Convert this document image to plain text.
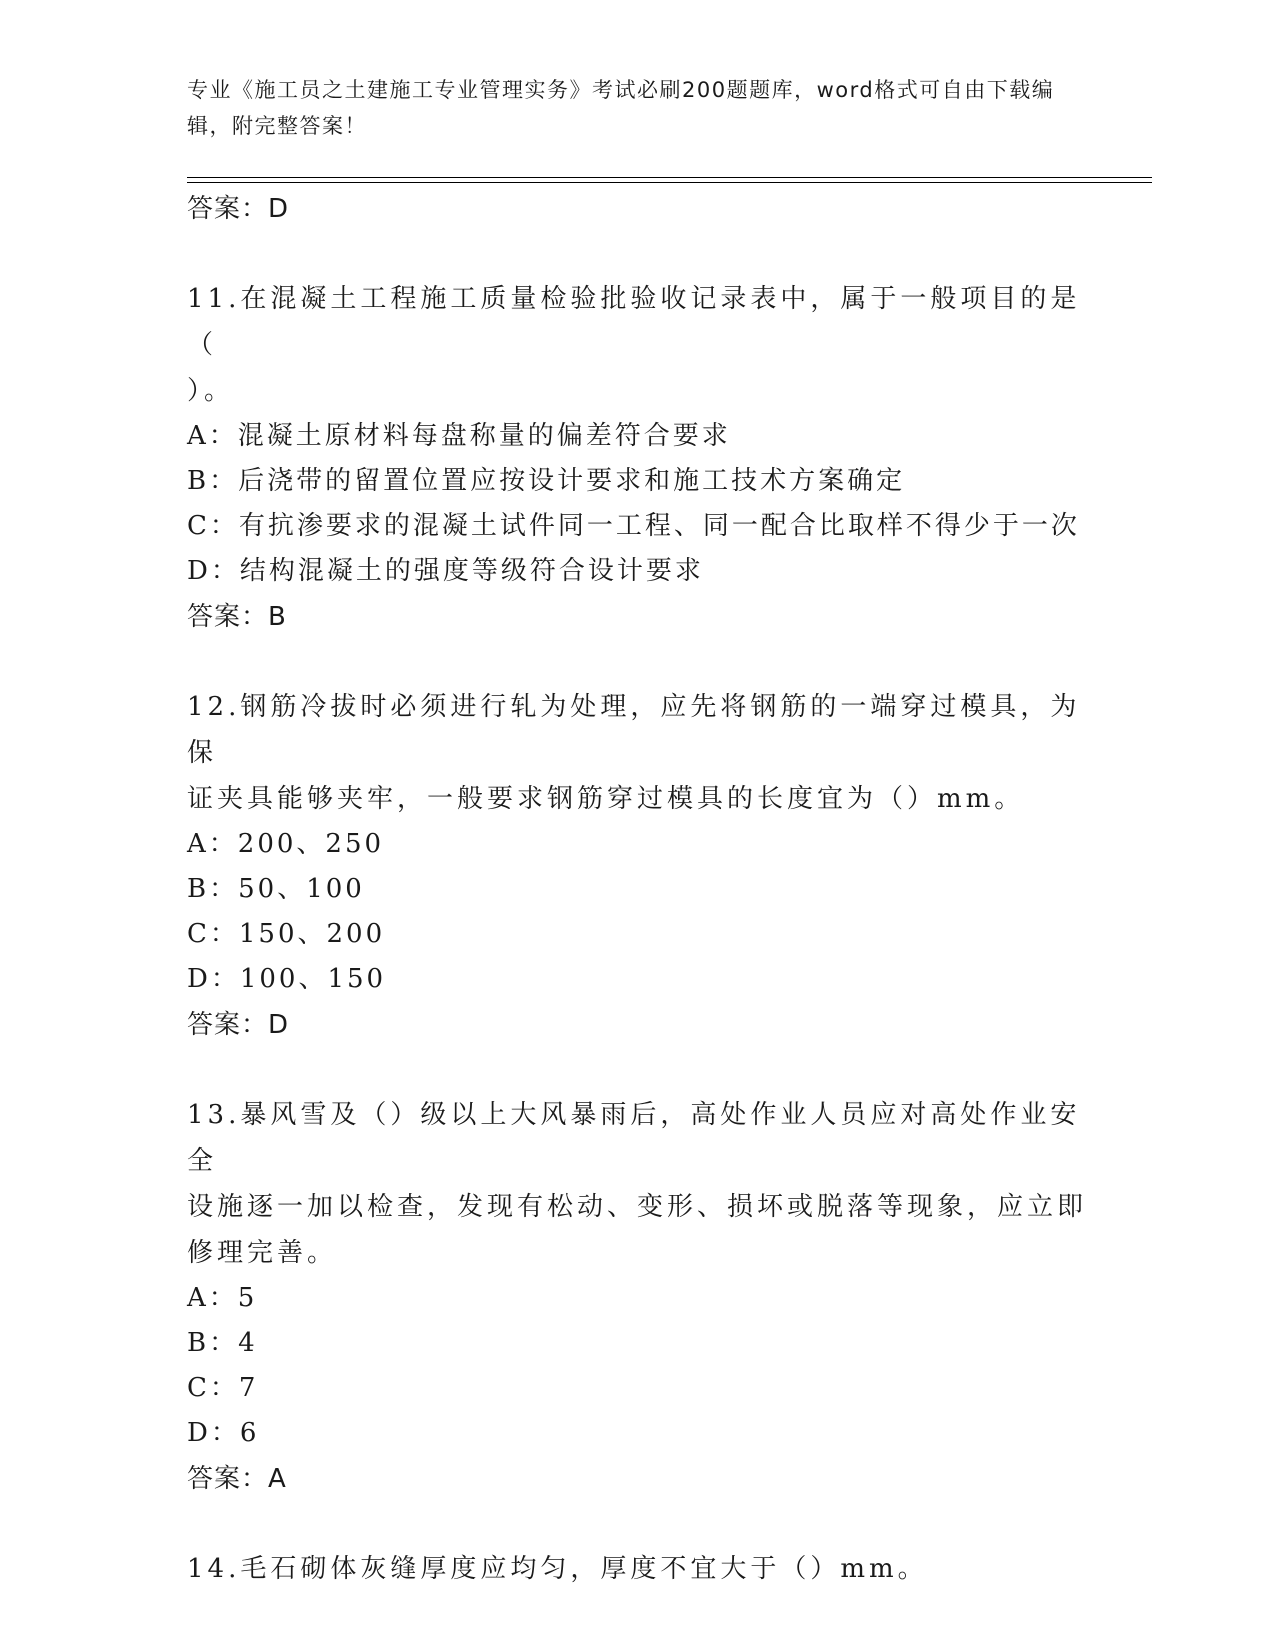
专业《施工员之土建施工专业管理实务》考试必刷200题题库，word格式可自由下载编辑，附完整答案！

答案：D

11.在混凝土工程施工质量检验批验收记录表中，属于一般项目的是（

）。

A：混凝土原材料每盘称量的偏差符合要求

B：后浇带的留置位置应按设计要求和施工技术方案确定

C：有抗渗要求的混凝土试件同一工程、同一配合比取样不得少于一次

D：结构混凝土的强度等级符合设计要求

答案：B

12.钢筋冷拔时必须进行轧为处理，应先将钢筋的一端穿过模具，为保

证夹具能够夹牢，一般要求钢筋穿过模具的长度宜为（）mm。

A：200、250

B：50、100

C：150、200

D：100、150

答案：D

13.暴风雪及（）级以上大风暴雨后，高处作业人员应对高处作业安全

设施逐一加以检查，发现有松动、变形、损坏或脱落等现象，应立即

修理完善。

A：5

B：4

C：7

D：6

答案：A

14.毛石砌体灰缝厚度应均匀，厚度不宜大于（）mm。
